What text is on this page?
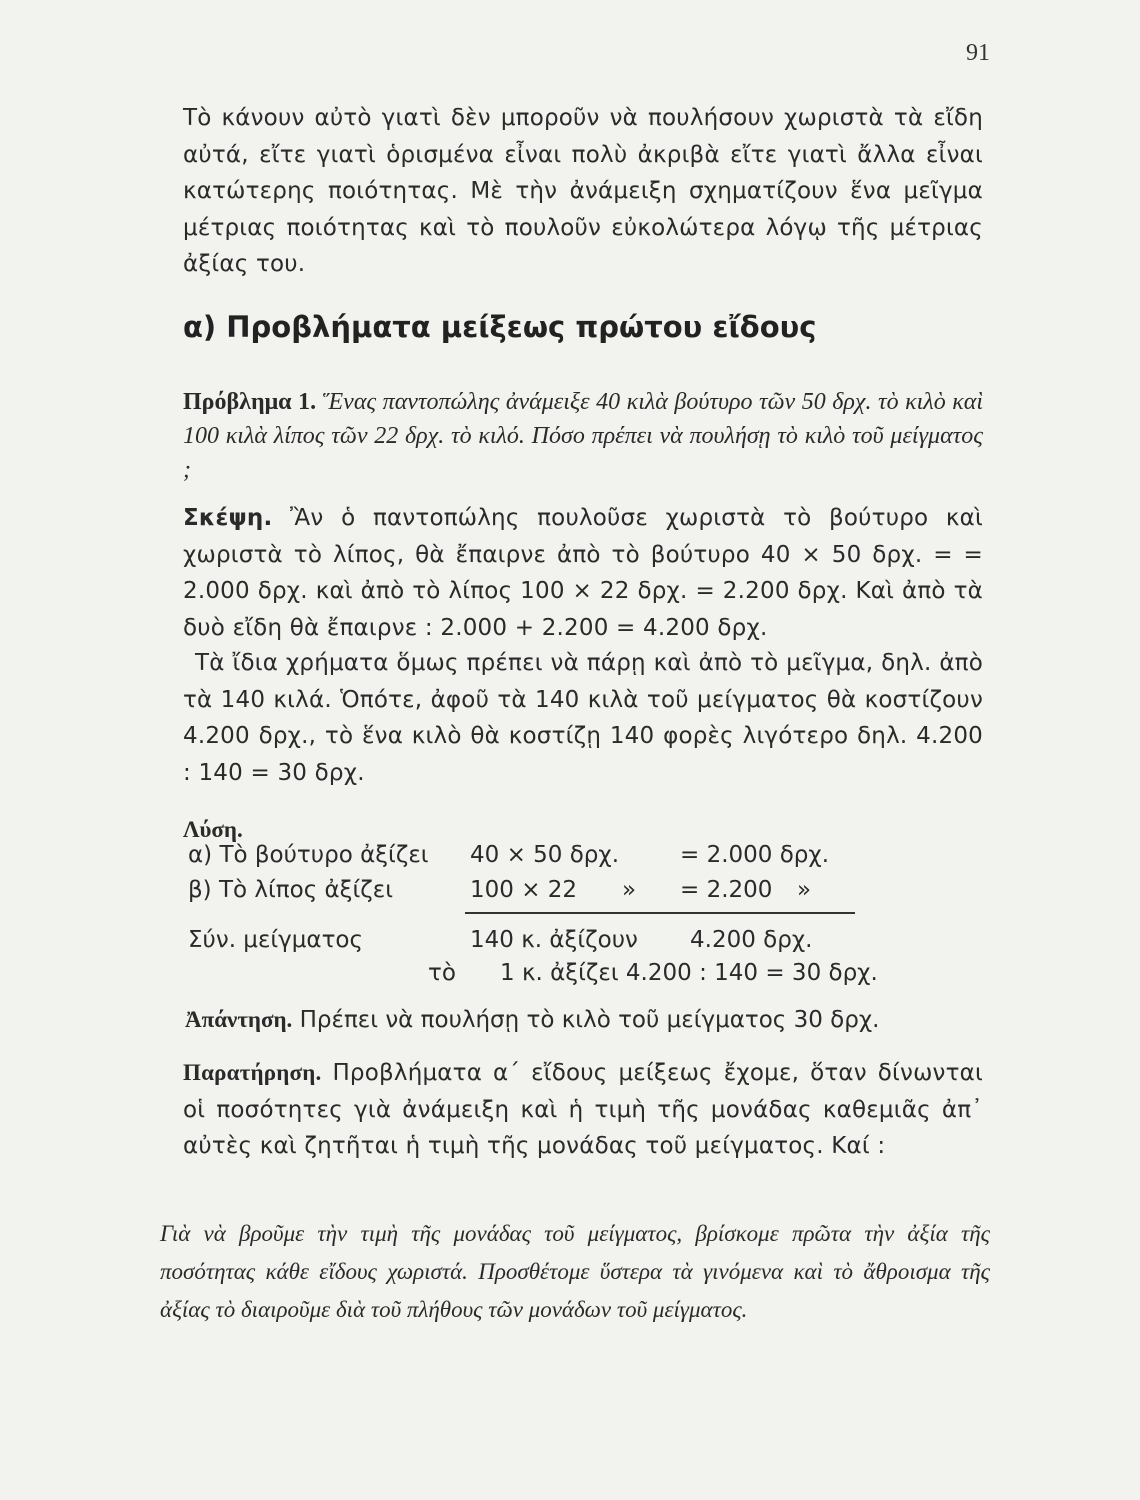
91

Τὸ κάνουν αὐτὸ γιατὶ δὲν μποροῦν νὰ πουλήσουν χωριστὰ τὰ εἴδη αὐτά, εἴτε γιατὶ ὁρισμένα εἶναι πολὺ ἀκριβὰ εἴτε γιατὶ ἄλλα εἶναι κατώτερης ποιότητας. Μὲ τὴν ἀνάμειξη σχηματίζουν ἕνα μεῖγμα μέτριας ποιότητας καὶ τὸ πουλοῦν εὐκολώτερα λόγῳ τῆς μέτριας ἀξίας του.

α) Προβλήματα μείξεως πρώτου εἴδους

Πρόβλημα 1. Ἕνας παντοπώλης ἀνάμειξε 40 κιλὰ βούτυρο τῶν 50 δρχ. τὸ κιλὸ καὶ 100 κιλὰ λίπος τῶν 22 δρχ. τὸ κιλό. Πόσο πρέπει νὰ πουλήσῃ τὸ κιλὸ τοῦ μείγματος ;

Σκέψη. Ἂν ὁ παντοπώλης πουλοῦσε χωριστὰ τὸ βούτυρο καὶ χωριστὰ τὸ λίπος, θὰ ἔπαιρνε ἀπὸ τὸ βούτυρο 40 × 50 δρχ. = = 2.000 δρχ. καὶ ἀπὸ τὸ λίπος 100 × 22 δρχ. = 2.200 δρχ. Καὶ ἀπὸ τὰ δυὸ εἴδη θὰ ἔπαιρνε : 2.000 + 2.200 = 4.200 δρχ.

Τὰ ἴδια χρήματα ὅμως πρέπει νὰ πάρῃ καὶ ἀπὸ τὸ μεῖγμα, δηλ. ἀπὸ τὰ 140 κιλά. Ὁπότε, ἀφοῦ τὰ 140 κιλὰ τοῦ μείγματος θὰ κοστίζουν 4.200 δρχ., τὸ ἕνα κιλὸ θὰ κοστίζῃ 140 φορὲς λιγότερο δηλ. 4.200 : 140 = 30 δρχ.

Λύση.
α) Τὸ βούτυρο ἀξίζει 40 × 50 δρχ.	= 2.000 δρχ.
β) Τὸ λίπος ἀξίζει	100 × 22 » = 2.200 »
Σύν. μείγματος	140 κ. ἀξίζουν 4.200 δρχ.
τὸ 1 κ. ἀξίζει 4.200 : 140 = 30 δρχ.
Ἀπάντηση. Πρέπει νὰ πουλήσῃ τὸ κιλὸ τοῦ μείγματος 30 δρχ.

Παρατήρηση. Προβλήματα α΄ εἴδους μείξεως ἔχομε, ὅταν δίνωνται οἱ ποσότητες γιὰ ἀνάμειξη καὶ ἡ τιμὴ τῆς μονάδας καθεμιᾶς ἀπ᾽ αὐτὲς καὶ ζητῆται ἡ τιμὴ τῆς μονάδας τοῦ μείγματος. Καί :

Γιὰ νὰ βροῦμε τὴν τιμὴ τῆς μονάδας τοῦ μείγματος, βρίσκομε πρῶτα τὴν ἀξία τῆς ποσότητας κάθε εἴδους χωριστά. Προσθέτομε ὕστερα τὰ γινόμενα καὶ τὸ ἄθροισμα τῆς ἀξίας τὸ διαιροῦμε διὰ τοῦ πλήθους τῶν μονάδων τοῦ μείγματος.
